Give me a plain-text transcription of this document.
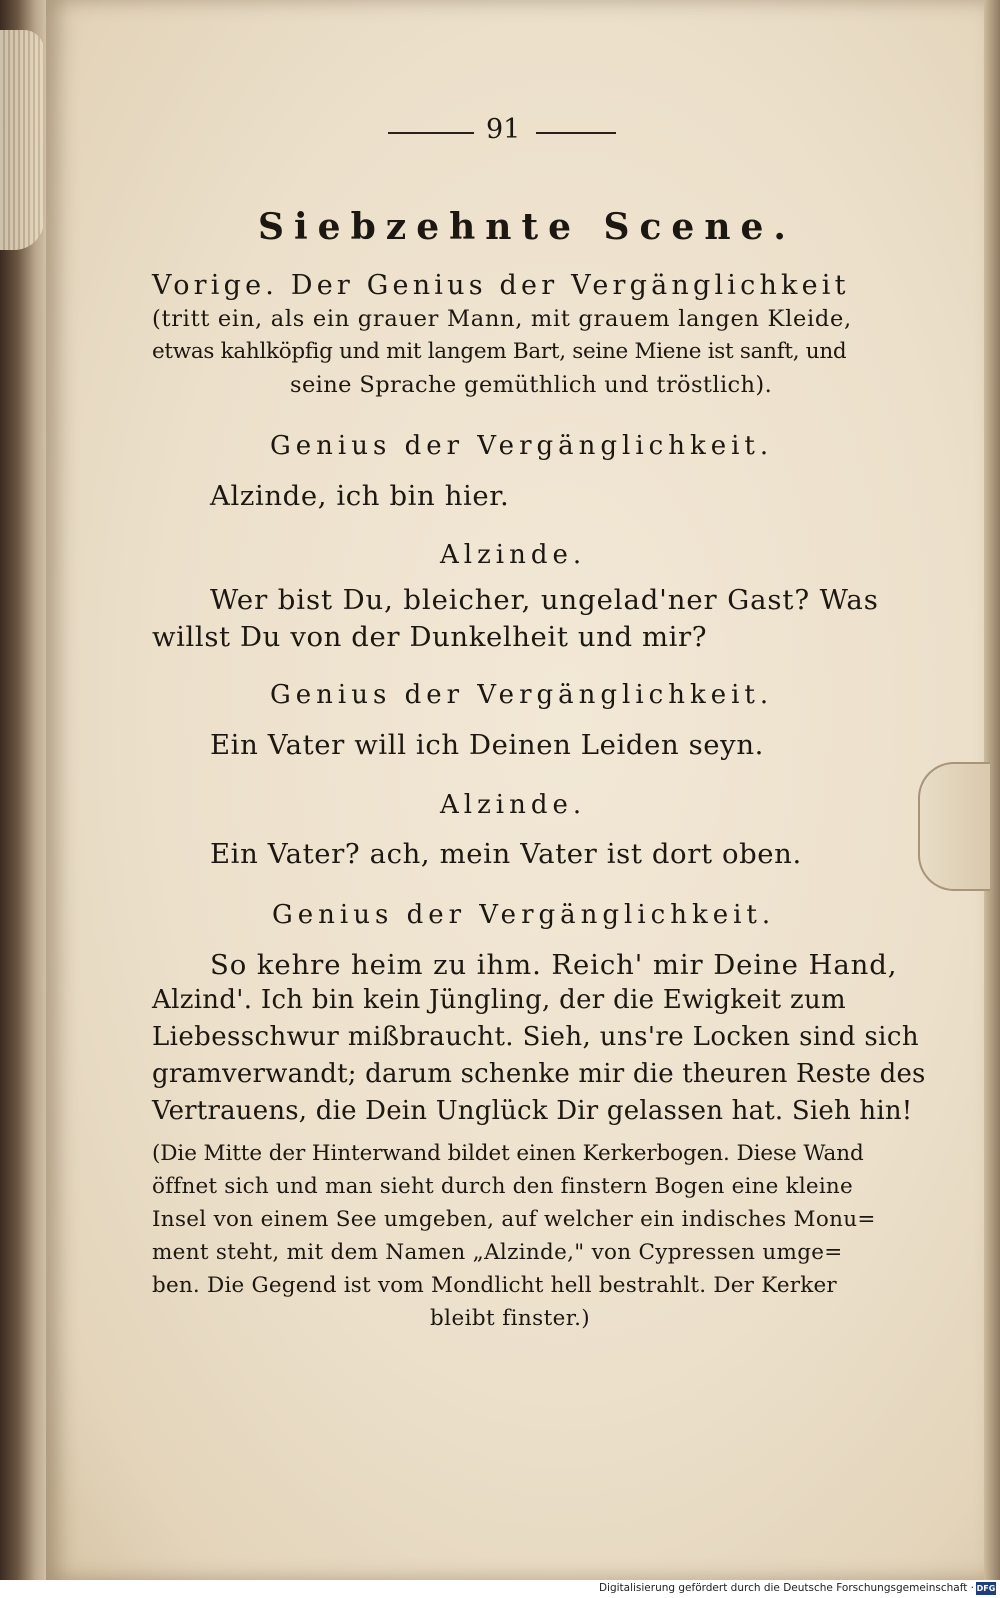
91
Siebzehnte Scene.
Vorige. Der Genius der Vergänglichkeit
(tritt ein, als ein grauer Mann, mit grauem langen Kleide,
etwas kahlköpfig und mit langem Bart, seine Miene ist sanft, und
seine Sprache gemüthlich und tröstlich).
Genius der Vergänglichkeit.
Alzinde, ich bin hier.
Alzinde.
Wer bist Du, bleicher, ungelad'ner Gast? Was
willst Du von der Dunkelheit und mir?
Genius der Vergänglichkeit.
Ein Vater will ich Deinen Leiden seyn.
Alzinde.
Ein Vater? ach, mein Vater ist dort oben.
Genius der Vergänglichkeit.
So kehre heim zu ihm. Reich' mir Deine Hand,
Alzind'. Ich bin kein Jüngling, der die Ewigkeit zum
Liebesschwur mißbraucht. Sieh, uns're Locken sind sich
gramverwandt; darum schenke mir die theuren Reste des
Vertrauens, die Dein Unglück Dir gelassen hat. Sieh hin!
(Die Mitte der Hinterwand bildet einen Kerkerbogen. Diese Wand
öffnet sich und man sieht durch den finstern Bogen eine kleine
Insel von einem See umgeben, auf welcher ein indisches Monu=
ment steht, mit dem Namen „Alzinde," von Cypressen umge=
ben. Die Gegend ist vom Mondlicht hell bestrahlt. Der Kerker
bleibt finster.)
Digitalisierung gefördert durch die Deutsche Forschungsgemeinschaft · DFG
